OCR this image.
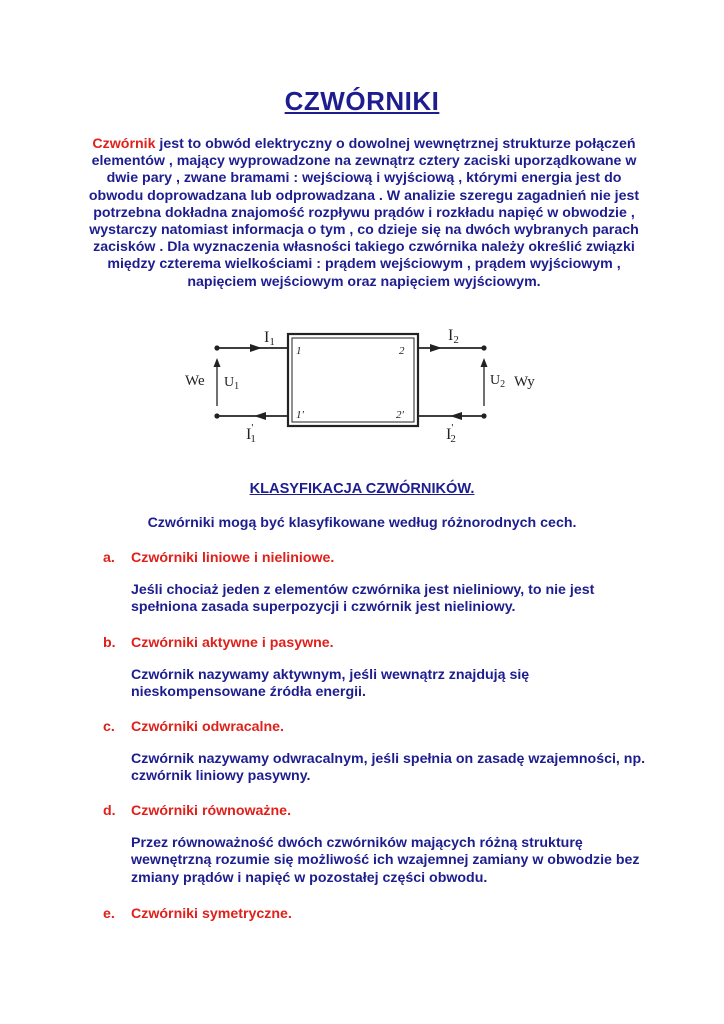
CZWÓRNIKI
Czwórnik jest to obwód elektryczny o dowolnej wewnętrznej strukturze połączeń elementów , mający wyprowadzone na zewnątrz cztery zaciski uporządkowane w dwie pary , zwane bramami : wejściową i wyjściową , którymi energia jest do obwodu doprowadzana lub odprowadzana . W analizie szeregu zagadnień nie jest potrzebna dokładna znajomość rozpływu prądów i rozkładu napięć w obwodzie , wystarczy natomiast informacja o tym , co dzieje się na dwóch wybranych parach zacisków . Dla wyznaczenia własności takiego czwórnika należy określić związki między czterema wielkościami : prądem wejściowym , prądem wyjściowym , napięciem wejściowym oraz napięciem wyjściowym.
I1
I' 1
I2
I' 2
We $U_1$	$U_2$ Wy
1	2
1'	2'
KLASYFIKACJA CZWÓRNIKÓW.
Czwórniki mogą być klasyfikowane według różnorodnych cech.
a. Czwórniki liniowe i nieliniowe.
Jeśli chociaż jeden z elementów czwórnika jest nieliniowy, to nie jest spełniona zasada superpozycji i czwórnik jest nieliniowy.
b. Czwórniki aktywne i pasywne.
Czwórnik nazywamy aktywnym, jeśli wewnątrz znajdują się nieskompensowane źródła energii.
c. Czwórniki odwracalne.
Czwórnik nazywamy odwracalnym, jeśli spełnia on zasadę wzajemności, np. czwórnik liniowy pasywny.
d. Czwórniki równoważne.
Przez równoważność dwóch czwórników mających różną strukturę wewnętrzną rozumie się możliwość ich wzajemnej zamiany w obwodzie bez zmiany prądów i napięć w pozostałej części obwodu.
e. Czwórniki symetryczne.
